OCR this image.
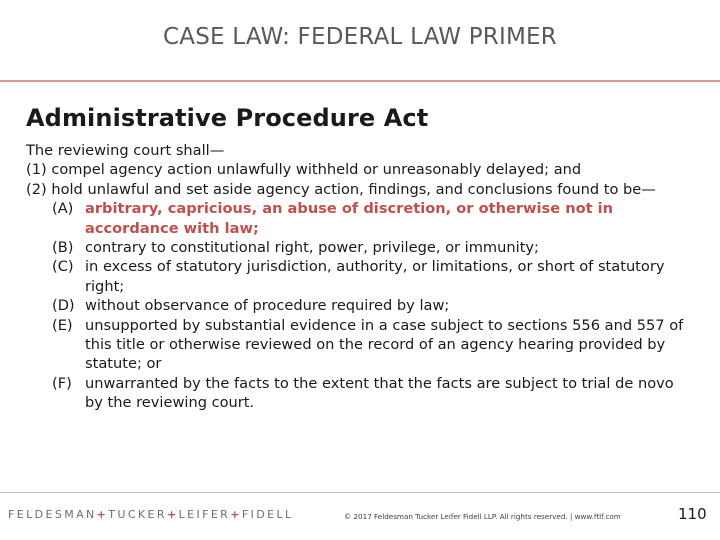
CASE LAW: FEDERAL LAW PRIMER
Administrative Procedure Act
The reviewing court shall—
(1) compel agency action unlawfully withheld or unreasonably delayed; and
(2) hold unlawful and set aside agency action, findings, and conclusions found to be—
(A) arbitrary, capricious, an abuse of discretion, or otherwise not in accordance with law;
(B) contrary to constitutional right, power, privilege, or immunity;
(C) in excess of statutory jurisdiction, authority, or limitations, or short of statutory right;
(D) without observance of procedure required by law;
(E) unsupported by substantial evidence in a case subject to sections 556 and 557 of this title or otherwise reviewed on the record of an agency hearing provided by statute; or
(F) unwarranted by the facts to the extent that the facts are subject to trial de novo by the reviewing court.
FELDESMAN+TUCKER+LEIFER+FIDELL	© 2017 Feldesman Tucker Leifer Fidell LLP. All rights reserved. | www.ftlf.com	110
